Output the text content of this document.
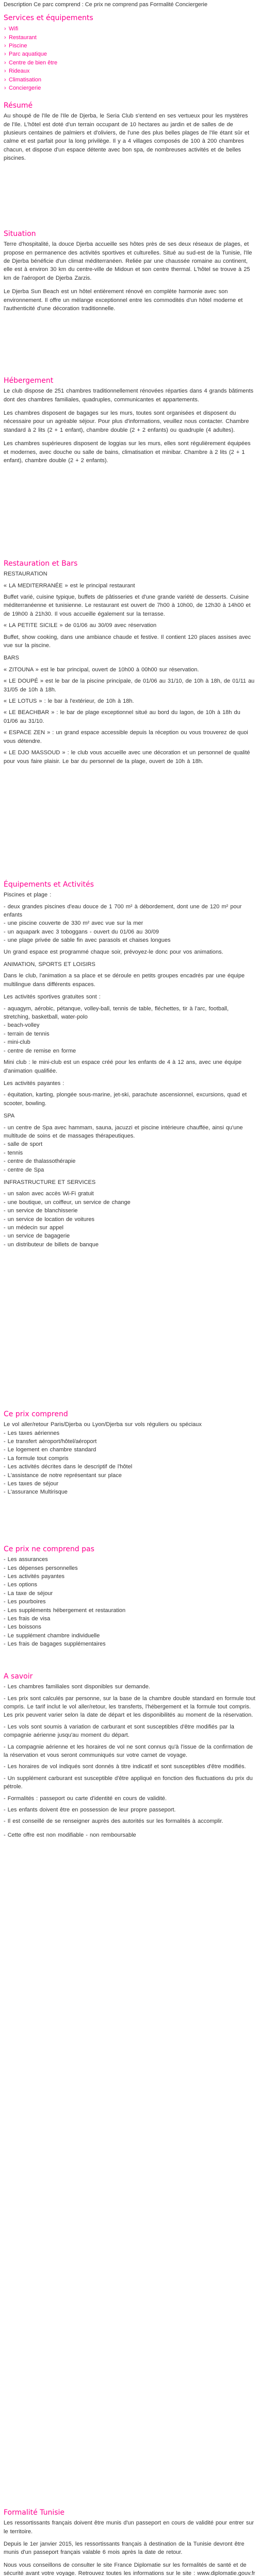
Description Ce parc comprend : Ce prix ne comprend pas Formalité Conciergerie
Services et équipements
› Wifi
› Restaurant
› Piscine
› Parc aquatique
› Centre de bien être
› Rideaux
› Climatisation
› Conciergerie
Résumé

Au shoupé de l'Ile de l'Ile de Djerba, le Seria Club s'entend en ses vertueux pour les mystères de l'Ile. L'hôtel est doté d'un terrain occupant de 10 hectares au jardin et de salles de de plusieurs centaines de palmiers et d'oliviers, de l'une des plus belles plages de l'Ile étant sûr et calme et est parfait pour la long privilège. Il y a 4 villages composés de 100 à 200 chambres chacun, et dispose d'un espace détente avec bon spa, de nombreuses activités et de belles piscines.

Situation

Terre d'hospitalité, la douce Djerba accueille ses hôtes près de ses deux réseaux de plages, et propose en permanence des activités sportives et culturelles. Situé au sud-est de la Tunisie, l'Ile de Djerba bénéficie d'un climat méditerranéen. Reliée par une chaussée romaine au continent, elle est à environ 30 km du centre-ville de Midoun et son centre thermal. L'hôtel se trouve à 25 km de l'aéroport de Djerba Zarzis.

Le Djerba Sun Beach est un hôtel entièrement rénové en complète harmonie avec son environnement. Il offre un mélange exceptionnel entre les commodités d'un hôtel moderne et l'authenticité d'une décoration traditionnelle.

Hébergement

Le club dispose de 251 chambres traditionnellement rénovées réparties dans 4 grands bâtiments dont des chambres familiales, quadruples, communicantes et appartements.

Les chambres disposent de bagages sur les murs, toutes sont organisées et disposent du nécessaire pour un agréable séjour. Pour plus d'informations, veuillez nous contacter. Chambre standard à 2 lits (2 + 1 enfant), chambre double (2 + 2 enfants) ou quadruple (4 adultes).

Les chambres supérieures disposent de loggias sur les murs, elles sont régulièrement équipées et modernes, avec douche ou salle de bains, climatisation et minibar. Chambre à 2 lits (2 + 1 enfant), chambre double (2 + 2 enfants).

Restauration et Bars

RESTAURATION

« LA MEDITERRANÉE » est le principal restaurant

Buffet varié, cuisine typique, buffets de pâtisseries et d'une grande variété de desserts. Cuisine méditerranéenne et tunisienne. Le restaurant est ouvert de 7h00 à 10h00, de 12h30 à 14h00 et de 19h00 à 21h30. Il vous accueille également sur la terrasse.

« LA PETITE SICILE » de 01/06 au 30/09 avec réservation

Buffet, show cooking, dans une ambiance chaude et festive. Il contient 120 places assises avec vue sur la piscine.

BARS

« ZITOUNA » est le bar principal, ouvert de 10h00 à 00h00 sur réservation.

« LE DOUPÉ » est le bar de la piscine principale, de 01/06 au 31/10, de 10h à 18h, de 01/11 au 31/05 de 10h à 18h.

« LE LOTUS » : le bar à l'extérieur, de 10h à 18h.

« LE BEACHBAR » : le bar de plage exceptionnel situé au bord du lagon, de 10h à 18h du 01/06 au 31/10.

« ESPACE ZEN » : un grand espace accessible depuis la réception ou vous trouverez de quoi vous détendre.

« LE DJO MASSOUD » : le club vous accueille avec une décoration et un personnel de qualité pour vous faire plaisir. Le bar du personnel de la plage, ouvert de 10h à 18h.

Équipements et Activités

Piscines et plage :

- deux grandes piscines d'eau douce de 1 700 m² à débordement, dont une de 120 m² pour enfants

- une piscine couverte de 330 m² avec vue sur la mer

- un aquapark avec 3 toboggans - ouvert du 01/06 au 30/09

- une plage privée de sable fin avec parasols et chaises longues

Un grand espace est programmé chaque soir, prévoyez-le donc pour vos animations.

ANIMATION, SPORTS ET LOISIRS

Dans le club, l'animation a sa place et se déroule en petits groupes encadrés par une équipe multilingue dans différents espaces.

Les activités sportives gratuites sont :

- aquagym, aérobic, pétanque, volley-ball, tennis de table, fléchettes, tir à l'arc, football, stretching, basketball, water-polo

- beach-volley

- terrain de tennis

- mini-club

- centre de remise en forme

Mini club : le mini-club est un espace créé pour les enfants de 4 à 12 ans, avec une équipe d'animation qualifiée.

Les activités payantes :

- équitation, karting, plongée sous-marine, jet-ski, parachute ascensionnel, excursions, quad et scooter, bowling.

SPA

- un centre de Spa avec hammam, sauna, jacuzzi et piscine intérieure chauffée, ainsi qu'une multitude de soins et de massages thérapeutiques.

- salle de sport

- tennis

- centre de thalassothérapie

- centre de Spa

INFRASTRUCTURE ET SERVICES

- un salon avec accès Wi-Fi gratuit

- une boutique, un coiffeur, un service de change

- un service de blanchisserie

- un service de location de voitures

- un médecin sur appel

- un service de bagagerie

- un distributeur de billets de banque

Ce prix comprend

Le vol aller/retour Paris/Djerba ou Lyon/Djerba sur vols réguliers ou spéciaux

- Les taxes aériennes

- Le transfert aéroport/hôtel/aéroport

- Le logement en chambre standard

- La formule tout compris

- Les activités décrites dans le descriptif de l'hôtel

- L'assistance de notre représentant sur place

- Les taxes de séjour

- L'assurance Multirisque

Ce prix ne comprend pas

- Les assurances

- Les dépenses personnelles

- Les activités payantes

- Les options

- La taxe de séjour

- Les pourboires

- Les suppléments hébergement et restauration

- Les frais de visa

- Les boissons

- Le supplément chambre individuelle

- Les frais de bagages supplémentaires

A savoir

- Les chambres familiales sont disponibles sur demande.

- Les prix sont calculés par personne, sur la base de la chambre double standard en formule tout compris. Le tarif inclut le vol aller/retour, les transferts, l'hébergement et la formule tout compris. Les prix peuvent varier selon la date de départ et les disponibilités au moment de la réservation.

- Les vols sont soumis à variation de carburant et sont susceptibles d'être modifiés par la compagnie aérienne jusqu'au moment du départ.

- La compagnie aérienne et les horaires de vol ne sont connus qu'à l'issue de la confirmation de la réservation et vous seront communiqués sur votre carnet de voyage.

- Les horaires de vol indiqués sont donnés à titre indicatif et sont susceptibles d'être modifiés.

- Un supplément carburant est susceptible d'être appliqué en fonction des fluctuations du prix du pétrole.

- Formalités : passeport ou carte d'identité en cours de validité.

- Les enfants doivent être en possession de leur propre passeport.

- Il est conseillé de se renseigner auprès des autorités sur les formalités à accomplir.

- Cette offre est non modifiable - non remboursable

Formalité Tunisie

Les ressortissants français doivent être munis d'un passeport en cours de validité pour entrer sur le territoire.

Depuis le 1er janvier 2015, les ressortissants français à destination de la Tunisie devront être munis d'un passeport français valable 6 mois après la date de retour.

Nous vous conseillons de consulter le site France Diplomatie sur les formalités de santé et de sécurité avant votre voyage. Retrouvez toutes les informations sur le site : www.diplomatie.gouv.fr
